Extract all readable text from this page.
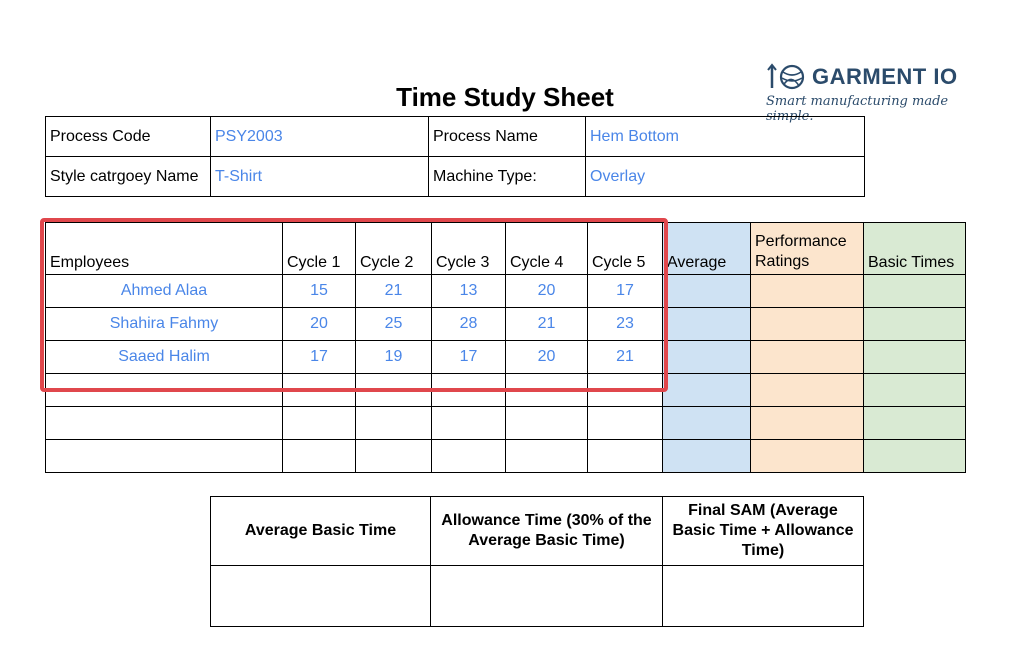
Time Study Sheet
GARMENT IO
Smart manufacturing made simple.
Process Code	PSY2003	Process Name	Hem Bottom
Style catrgoey Name	T-Shirt	Machine Type:	Overlay
Employees	Cycle 1	Cycle 2	Cycle 3	Cycle 4	Cycle 5	Average	Performance Ratings	Basic Times
Ahmed Alaa	15	21	13	20	17			
Shahira Fahmy	20	25	28	21	23			
Saaed Halim	17	19	17	20	21			

Average Basic Time	Allowance Time (30% of the Average Basic Time)	Final SAM (Average Basic Time + Allowance Time)
